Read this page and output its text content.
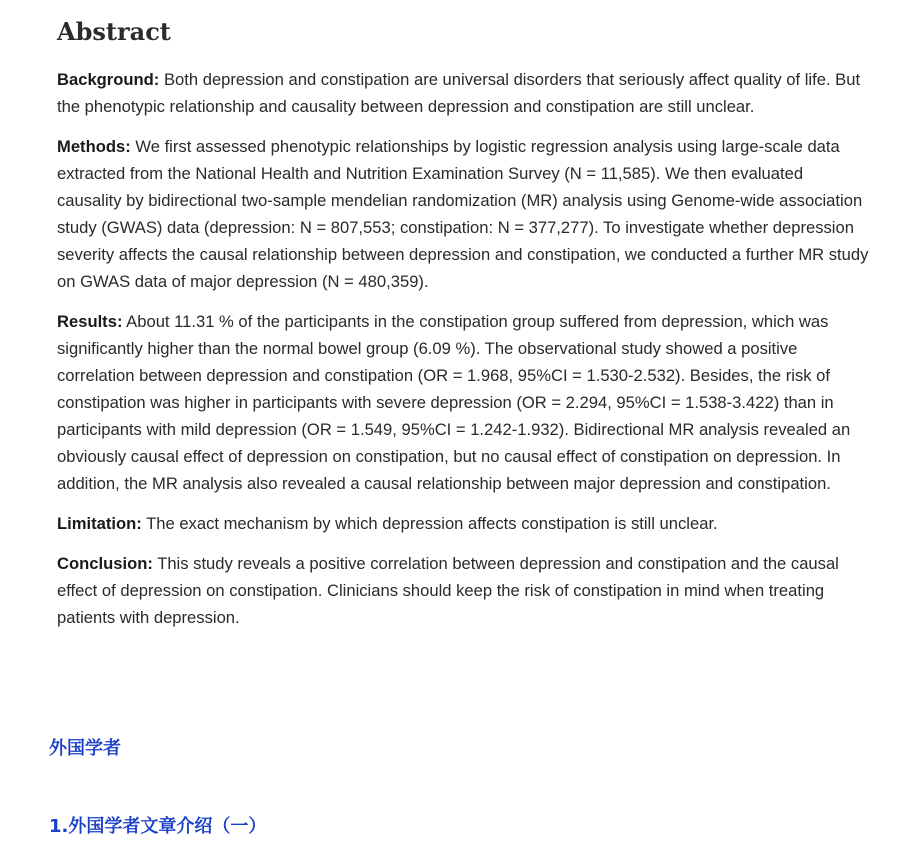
Abstract

Background: Both depression and constipation are universal disorders that seriously affect quality of life. But the phenotypic relationship and causality between depression and constipation are still unclear.

Methods: We first assessed phenotypic relationships by logistic regression analysis using large-scale data extracted from the National Health and Nutrition Examination Survey (N = 11,585). We then evaluated causality by bidirectional two-sample mendelian randomization (MR) analysis using Genome-wide association study (GWAS) data (depression: N = 807,553; constipation: N = 377,277). To investigate whether depression severity affects the causal relationship between depression and constipation, we conducted a further MR study on GWAS data of major depression (N = 480,359).

Results: About 11.31 % of the participants in the constipation group suffered from depression, which was significantly higher than the normal bowel group (6.09 %). The observational study showed a positive correlation between depression and constipation (OR = 1.968, 95%CI = 1.530-2.532). Besides, the risk of constipation was higher in participants with severe depression (OR = 2.294, 95%CI = 1.538-3.422) than in participants with mild depression (OR = 1.549, 95%CI = 1.242-1.932). Bidirectional MR analysis revealed an obviously causal effect of depression on constipation, but no causal effect of constipation on depression. In addition, the MR analysis also revealed a causal relationship between major depression and constipation.

Limitation: The exact mechanism by which depression affects constipation is still unclear.

Conclusion: This study reveals a positive correlation between depression and constipation and the causal effect of depression on constipation. Clinicians should keep the risk of constipation in mind when treating patients with depression.

外国学者
1.外国学者文章介绍（一）
